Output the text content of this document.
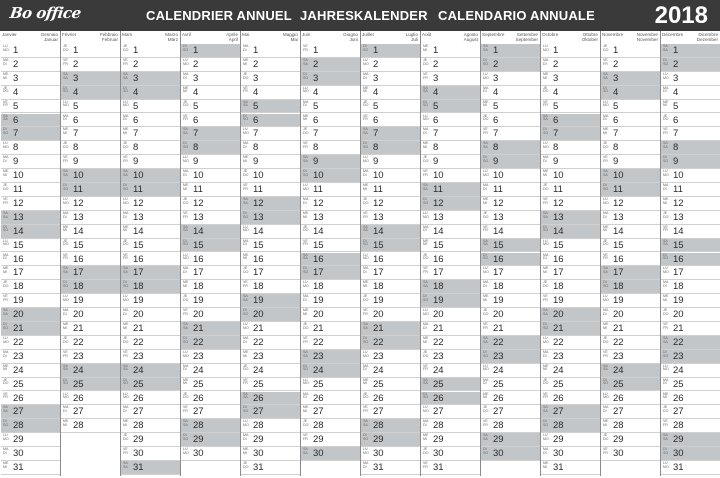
Bo office	CALENDRIER ANNUEL JAHRESKALENDER CALENDARIO ANNUALE 2018
Janvier	Gennaio
Januar
LU
MO 1
MA
DI 2
ME
MI 3
JE
DO 4
VE
FR 5
SA
SA 6
DI
SO 7
LU
MO 8
MA
DI 9
ME
MI 10
JE
DO 11
VE
FR 12
SA
SA 13
DI
SO 14
LU
MO 15
MA
DI 16
ME
MI 17
JE
DO 18
VE
FR 19
SA
SA 20
DI
SO 21
LU
MO 22
MA
DI 23
ME
MI 24
JE
DO 25
VE
FR 26
SA
SA 27
DI
SO 28
LU
MO 29
MA
DI 30
ME
MI 31
Février	Febbraio
Februar
JE
DO 1
VE
FR 2
SA
SA 3
DI
SO 4
LU
MO 5
MA
DI 6
ME
MI 7
JE
DO 8
VE
FR 9
SA
SA 10
DI
SO 11
LU
MO 12
MA
DI 13
ME
MI 14
JE
DO 15
VE
FR 16
SA
SA 17
DI
SO 18
LU
MO 19
MA
DI 20
ME
MI 21
JE
DO 22
VE
FR 23
SA
SA 24
DI
SO 25
LU
MO 26
MA
DI 27
ME
MI 28
Mars	Marzo
März
JE
DO 1
VE
FR 2
SA
SA 3
DI
SO 4
LU
MO 5
MA
DI 6
ME
MI 7
JE
DO 8
VE
FR 9
SA
SA 10
DI
SO 11
LU
MO 12
MA
DI 13
ME
MI 14
JE
DO 15
VE
FR 16
SA
SA 17
DI
SO 18
LU
MO 19
MA
DI 20
ME
MI 21
JE
DO 22
VE
FR 23
SA
SA 24
DI
SO 25
LU
MO 26
MA
DI 27
ME
MI 28
JE
DO 29
VE
FR 30
SA
SA 31
Avril	Aprile
April
DI
SO 1
LU
MO 2
MA
DI 3
ME
MI 4
JE
DO 5
VE
FR 6
SA
SA 7
DI
SO 8
LU
MO 9
MA
DI 10
ME
MI 11
JE
DO 12
VE
FR 13
SA
SA 14
DI
SO 15
LU
MO 16
MA
DI 17
ME
MI 18
JE
DO 19
VE
FR 20
SA
SA 21
DI
SO 22
LU
MO 23
MA
DI 24
ME
MI 25
JE
DO 26
VE
FR 27
SA
SA 28
DI
SO 29
LU
MO 30
Mai	Maggio
Mai
MA
DI 1
ME
MI 2
JE
DO 3
VE
FR 4
SA
SA 5
DI
SO 6
LU
MO 7
MA
DI 8
ME
MI 9
JE
DO 10
VE
FR 11
SA
SA 12
DI
SO 13
LU
MO 14
MA
DI 15
ME
MI 16
JE
DO 17
VE
FR 18
SA
SA 19
DI
SO 20
LU
MO 21
MA
DI 22
ME
MI 23
JE
DO 24
VE
FR 25
SA
SA 26
DI
SO 27
LU
MO 28
MA
DI 29
ME
MI 30
JE
DO 31
Juin	Giugno
Juni
VE
FR 1
SA
SA 2
DI
SO 3
LU
MO 4
MA
DI 5
ME
MI 6
JE
DO 7
VE
FR 8
SA
SA 9
DI
SO 10
LU
MO 11
MA
DI 12
ME
MI 13
JE
DO 14
VE
FR 15
SA
SA 16
DI
SO 17
LU
MO 18
MA
DI 19
ME
MI 20
JE
DO 21
VE
FR 22
SA
SA 23
DI
SO 24
LU
MO 25
MA
DI 26
ME
MI 27
JE
DO 28
VE
FR 29
SA
SA 30
Juillet	Luglio
Juli
DI
SO 1
LU
MO 2
MA
DI 3
ME
MI 4
JE
DO 5
VE
FR 6
SA
SA 7
DI
SO 8
LU
MO 9
MA
DI 10
ME
MI 11
JE
DO 12
VE
FR 13
SA
SA 14
DI
SO 15
LU
MO 16
MA
DI 17
ME
MI 18
JE
DO 19
VE
FR 20
SA
SA 21
DI
SO 22
LU
MO 23
MA
DI 24
ME
MI 25
JE
DO 26
VE
FR 27
SA
SA 28
DI
SO 29
LU
MO 30
MA
DI 31
Août	Agosto
August
ME
MI 1
JE
DO 2
VE
FR 3
SA
SA 4
DI
SO 5
LU
MO 6
MA
DI 7
ME
MI 8
JE
DO 9
VE
FR 10
SA
SA 11
DI
SO 12
LU
MO 13
MA
DI 14
ME
MI 15
JE
DO 16
VE
FR 17
SA
SA 18
DI
SO 19
LU
MO 20
MA
DI 21
ME
MI 22
JE
DO 23
VE
FR 24
SA
SA 25
DI
SO 26
LU
MO 27
MA
DI 28
ME
MI 29
JE
DO 30
VE
FR 31
Septembre	Settembre
September
SA
SA 1
DI
SO 2
LU
MO 3
MA
DI 4
ME
MI 5
JE
DO 6
VE
FR 7
SA
SA 8
DI
SO 9
LU
MO 10
MA
DI 11
ME
MI 12
JE
DO 13
VE
FR 14
SA
SA 15
DI
SO 16
LU
MO 17
MA
DI 18
ME
MI 19
JE
DO 20
VE
FR 21
SA
SA 22
DI
SO 23
LU
MO 24
MA
DI 25
ME
MI 26
JE
DO 27
VE
FR 28
SA
SA 29
DI
SO 30
Octobre	Ottobre
Oktober
LU
MO 1
MA
DI 2
ME
MI 3
JE
DO 4
VE
FR 5
SA
SA 6
DI
SO 7
LU
MO 8
MA
DI 9
ME
MI 10
JE
DO 11
VE
FR 12
SA
SA 13
DI
SO 14
LU
MO 15
MA
DI 16
ME
MI 17
JE
DO 18
VE
FR 19
SA
SA 20
DI
SO 21
LU
MO 22
MA
DI 23
ME
MI 24
JE
DO 25
VE
FR 26
SA
SA 27
DI
SO 28
LU
MO 29
MA
DI 30
ME
MI 31
Novembre	Novembre
November
JE
DO 1
VE
FR 2
SA
SA 3
DI
SO 4
LU
MO 5
MA
DI 6
ME
MI 7
JE
DO 8
VE
FR 9
SA
SA 10
DI
SO 11
LU
MO 12
MA
DI 13
ME
MI 14
JE
DO 15
VE
FR 16
SA
SA 17
DI
SO 18
LU
MO 19
MA
DI 20
ME
MI 21
JE
DO 22
VE
FR 23
SA
SA 24
DI
SO 25
LU
MO 26
MA
DI 27
ME
MI 28
JE
DO 29
VE
FR 30
Décembre	Dicembre
Dezember
SA
SA 1
DI
SO 2
LU
MO 3
MA
DI 4
ME
MI 5
JE
DO 6
VE
FR 7
SA
SA 8
DI
SO 9
LU
MO 10
MA
DI 11
ME
MI 12
JE
DO 13
VE
FR 14
SA
SA 15
DI
SO 16
LU
MO 17
MA
DI 18
ME
MI 19
JE
DO 20
VE
FR 21
SA
SA 22
DI
SO 23
LU
MO 24
MA
DI 25
ME
MI 26
JE
DO 27
VE
FR 28
SA
SA 29
DI
SO 30
LU
MO 31
